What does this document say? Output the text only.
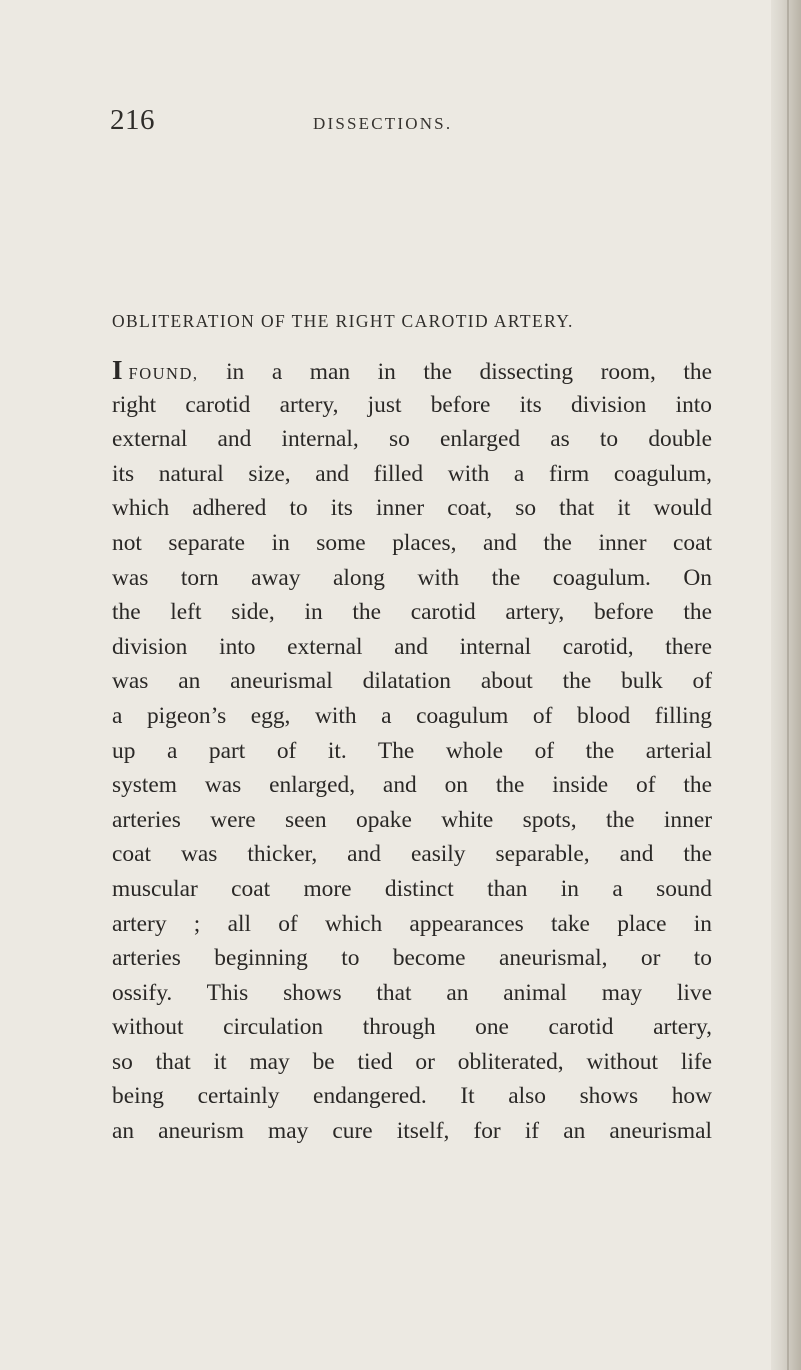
216	DISSECTIONS.
OBLITERATION OF THE RIGHT CAROTID ARTERY.
IFOUND, in a man in the dissecting room, the
right carotid artery, just before its division into
external and internal, so enlarged as to double
its natural size, and filled with a firm coagulum,
which adhered to its inner coat, so that it would
not separate in some places, and the inner coat
was torn away along with the coagulum. On
the left side, in the carotid artery, before the
division into external and internal carotid, there
was an aneurismal dilatation about the bulk of
a pigeon’s egg, with a coagulum of blood filling
up a part of it. The whole of the arterial
system was enlarged, and on the inside of the
arteries were seen opake white spots, the inner
coat was thicker, and easily separable, and the
muscular coat more distinct than in a sound
artery ; all of which appearances take place in
arteries beginning to become aneurismal, or to
ossify. This shows that an animal may live
without circulation through one carotid artery,
so that it may be tied or obliterated, without life
being certainly endangered. It also shows how
an aneurism may cure itself, for if an aneurismal
